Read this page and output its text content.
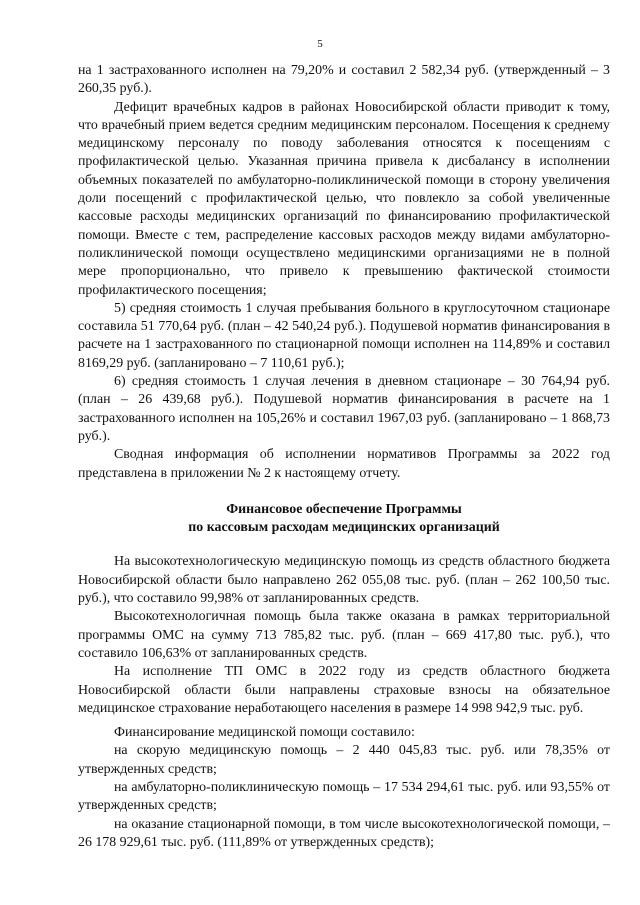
5

на 1 застрахованного исполнен на 79,20% и составил 2 582,34 руб. (утвержденный – 3 260,35 руб.).

Дефицит врачебных кадров в районах Новосибирской области приводит к тому, что врачебный прием ведется средним медицинским персоналом. Посещения к среднему медицинскому персоналу по поводу заболевания относятся к посещениям с профилактической целью. Указанная причина привела к дисбалансу в исполнении объемных показателей по амбулаторно-поликлинической помощи в сторону увеличения доли посещений с профилактической целью, что повлекло за собой увеличенные кассовые расходы медицинских организаций по финансированию профилактической помощи. Вместе с тем, распределение кассовых расходов между видами амбулаторно-поликлинической помощи осуществлено медицинскими организациями не в полной мере пропорционально, что привело к превышению фактической стоимости профилактического посещения;

5) средняя стоимость 1 случая пребывания больного в круглосуточном стационаре составила 51 770,64 руб. (план – 42 540,24 руб.). Подушевой норматив финансирования в расчете на 1 застрахованного по стационарной помощи исполнен на 114,89% и составил 8169,29 руб. (запланировано – 7 110,61 руб.);

6) средняя стоимость 1 случая лечения в дневном стационаре – 30 764,94 руб. (план – 26 439,68 руб.). Подушевой норматив финансирования в расчете на 1 застрахованного исполнен на 105,26% и составил 1967,03 руб. (запланировано – 1 868,73 руб.).

Сводная информация об исполнении нормативов Программы за 2022 год представлена в приложении № 2 к настоящему отчету.

Финансовое обеспечение Программы
по кассовым расходам медицинских организаций

На высокотехнологическую медицинскую помощь из средств областного бюджета Новосибирской области было направлено 262 055,08 тыс. руб. (план – 262 100,50 тыс. руб.), что составило 99,98% от запланированных средств.

Высокотехнологичная помощь была также оказана в рамках территориальной программы ОМС на сумму 713 785,82 тыс. руб. (план – 669 417,80 тыс. руб.), что составило 106,63% от запланированных средств.

На исполнение ТП ОМС в 2022 году из средств областного бюджета Новосибирской области были направлены страховые взносы на обязательное медицинское страхование неработающего населения в размере 14 998 942,9 тыс. руб.

Финансирование медицинской помощи составило:

на скорую медицинскую помощь – 2 440 045,83 тыс. руб. или 78,35% от утвержденных средств;

на амбулаторно-поликлиническую помощь – 17 534 294,61 тыс. руб. или 93,55% от утвержденных средств;

на оказание стационарной помощи, в том числе высокотехнологической помощи, – 26 178 929,61 тыс. руб. (111,89% от утвержденных средств);
